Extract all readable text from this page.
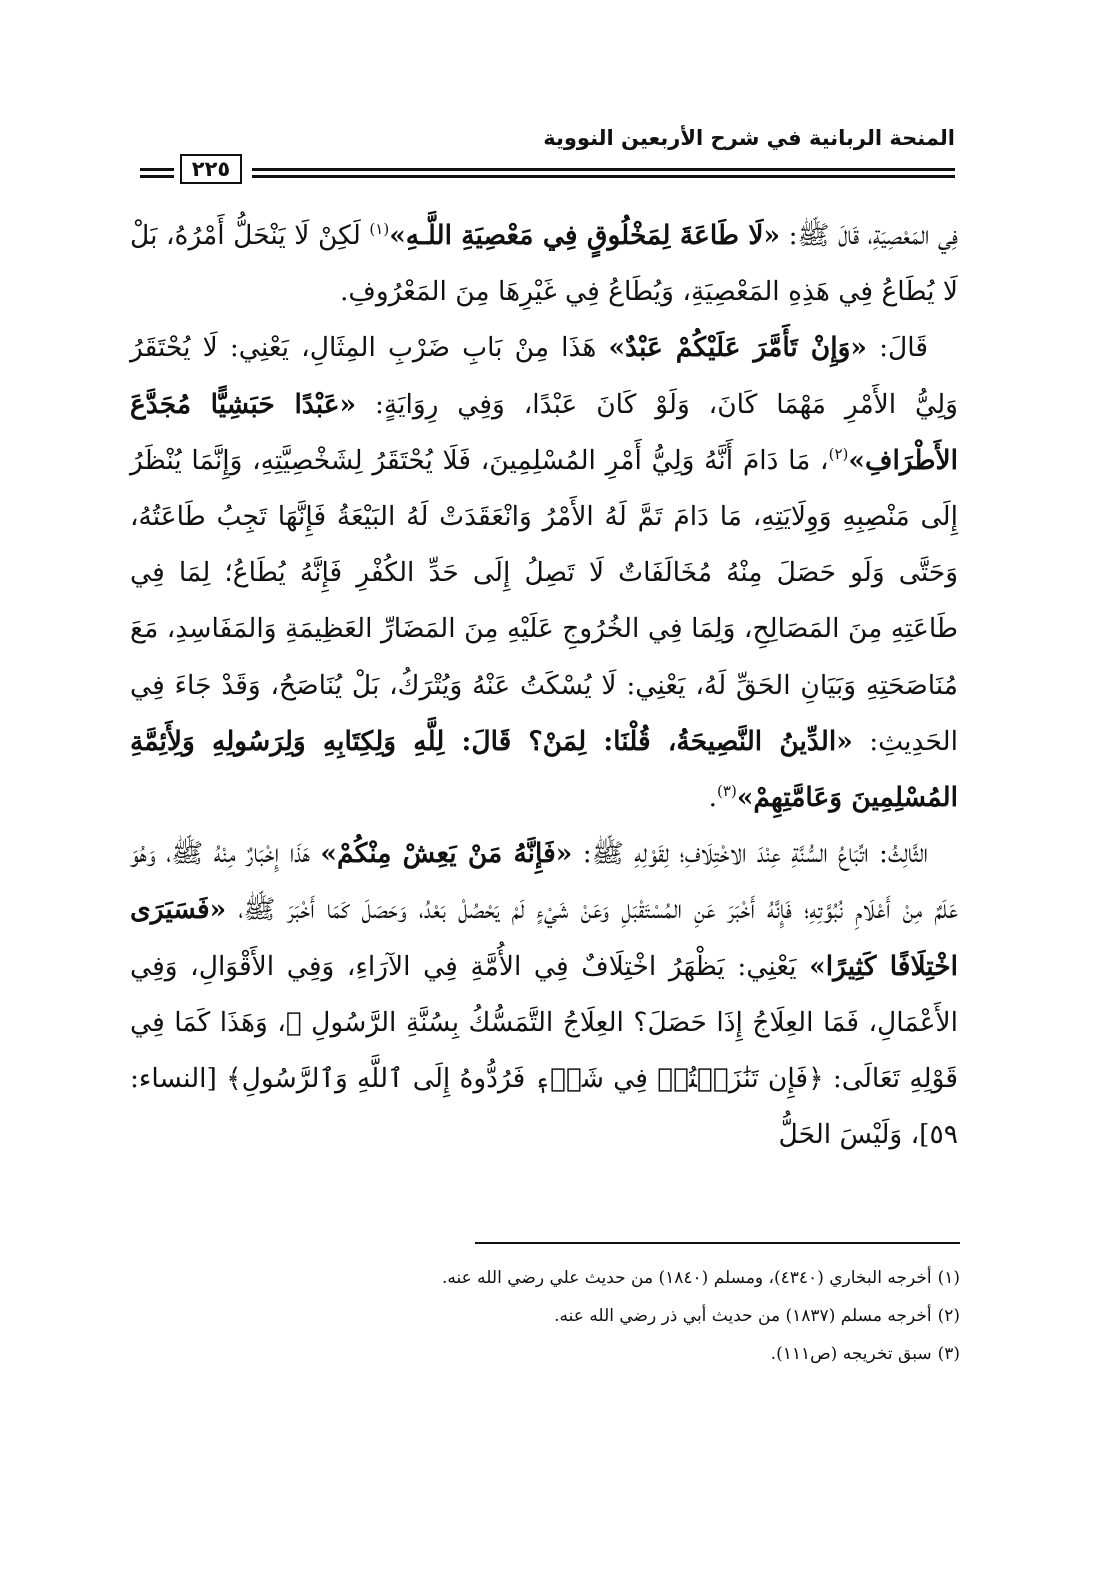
المنحة الربانية في شرح الأربعين النووية
٢٢٥

فِي المَعْصِيَةِ، قَالَ ﷺ: «لَا طَاعَةَ لِمَخْلُوقٍ فِي مَعْصِيَةِ اللَّـهِ»$^{(١)}$ لَكِنْ لَا يَنْحَلُّ أَمْرُهُ، بَلْ لَا يُطَاعُ فِي هَذِهِ المَعْصِيَةِ، وَيُطَاعُ فِي غَيْرِهَا مِنَ المَعْرُوفِ.

قَالَ: «وَإِنْ تَأَمَّرَ عَلَيْكُمْ عَبْدٌ» هَذَا مِنْ بَابِ ضَرْبِ المِثَالِ، يَعْنِي: لَا يُحْتَقَرُ وَلِيُّ الأَمْرِ مَهْمَا كَانَ، وَلَوْ كَانَ عَبْدًا، وَفِي رِوَايَةٍ: «عَبْدًا حَبَشِيًّا مُجَدَّعَ الأَطْرَافِ»$^{(٢)}$، مَا دَامَ أَنَّهُ وَلِيُّ أَمْرِ المُسْلِمِينَ، فَلَا يُحْتَقَرُ لِشَخْصِيَّتِهِ، وَإِنَّمَا يُنْظَرُ إِلَى مَنْصِبِهِ وَوِلَايَتِهِ، مَا دَامَ تَمَّ لَهُ الأَمْرُ وَانْعَقَدَتْ لَهُ البَيْعَةُ فَإِنَّهَا تَجِبُ طَاعَتُهُ، وَحَتَّى وَلَو حَصَلَ مِنْهُ مُخَالَفَاتٌ لَا تَصِلُ إِلَى حَدِّ الكُفْرِ فَإِنَّهُ يُطَاعُ؛ لِمَا فِي طَاعَتِهِ مِنَ المَصَالِحِ، وَلِمَا فِي الخُرُوجِ عَلَيْهِ مِنَ المَضَارِّ العَظِيمَةِ وَالمَفَاسِدِ، مَعَ مُنَاصَحَتِهِ وَبَيَانِ الحَقِّ لَهُ، يَعْنِي: لَا يُسْكَتُ عَنْهُ وَيُتْرَكُ، بَلْ يُنَاصَحُ، وَقَدْ جَاءَ فِي الحَدِيثِ: «الدِّينُ النَّصِيحَةُ، قُلْنَا: لِمَنْ؟ قَالَ: لِلَّهِ وَلِكِتَابِهِ وَلِرَسُولِهِ وَلِأَئِمَّةِ المُسْلِمِينَ وَعَامَّتِهِمْ»$^{(٣)}$.

الثَّالِثُ: اتِّبَاعُ السُّنَّةِ عِنْدَ الاخْتِلَافِ؛ لِقَوْلِهِ ﷺ: «فَإِنَّهُ مَنْ يَعِشْ مِنْكُمْ» هَذَا إِخْبَارٌ مِنْهُ ﷺ، وَهُوَ عَلَمٌ مِنْ أَعْلَامِ نُبُوَّتِهِ؛ فَإِنَّهُ أَخْبَرَ عَنِ المُسْتَقْبَلِ وَعَنْ شَيْءٍ لَمْ يَحْصُلْ بَعْدُ، وَحَصَلَ كَمَا أَخْبَرَ ﷺ، «فَسَيَرَى اخْتِلَافًا كَثِيرًا» يَعْنِي: يَظْهَرُ اخْتِلَافٌ فِي الأُمَّةِ فِي الآرَاءِ، وَفِي الأَقْوَالِ، وَفِي الأَعْمَالِ، فَمَا العِلَاجُ إِذَا حَصَلَ؟ العِلَاجُ التَّمَسُّكُ بِسُنَّةِ الرَّسُولِ ﷺ، وَهَذَا كَمَا فِي قَوْلِهِ تَعَالَى: ﴿فَإِن تَنَٰزَعۡتُمۡ فِي شَيۡءٖ فَرُدُّوهُ إِلَى ٱللَّهِ وَٱلرَّسُولِ﴾ [النساء: ٥٩]، وَلَيْسَ الحَلُّ

(١)أخرجه البخاري (٤٣٤٠)، ومسلم (١٨٤٠) من حديث علي رضي الله عنه.
(٢)أخرجه مسلم (١٨٣٧) من حديث أبي ذر رضي الله عنه.
(٣)سبق تخريجه (ص١١١).
